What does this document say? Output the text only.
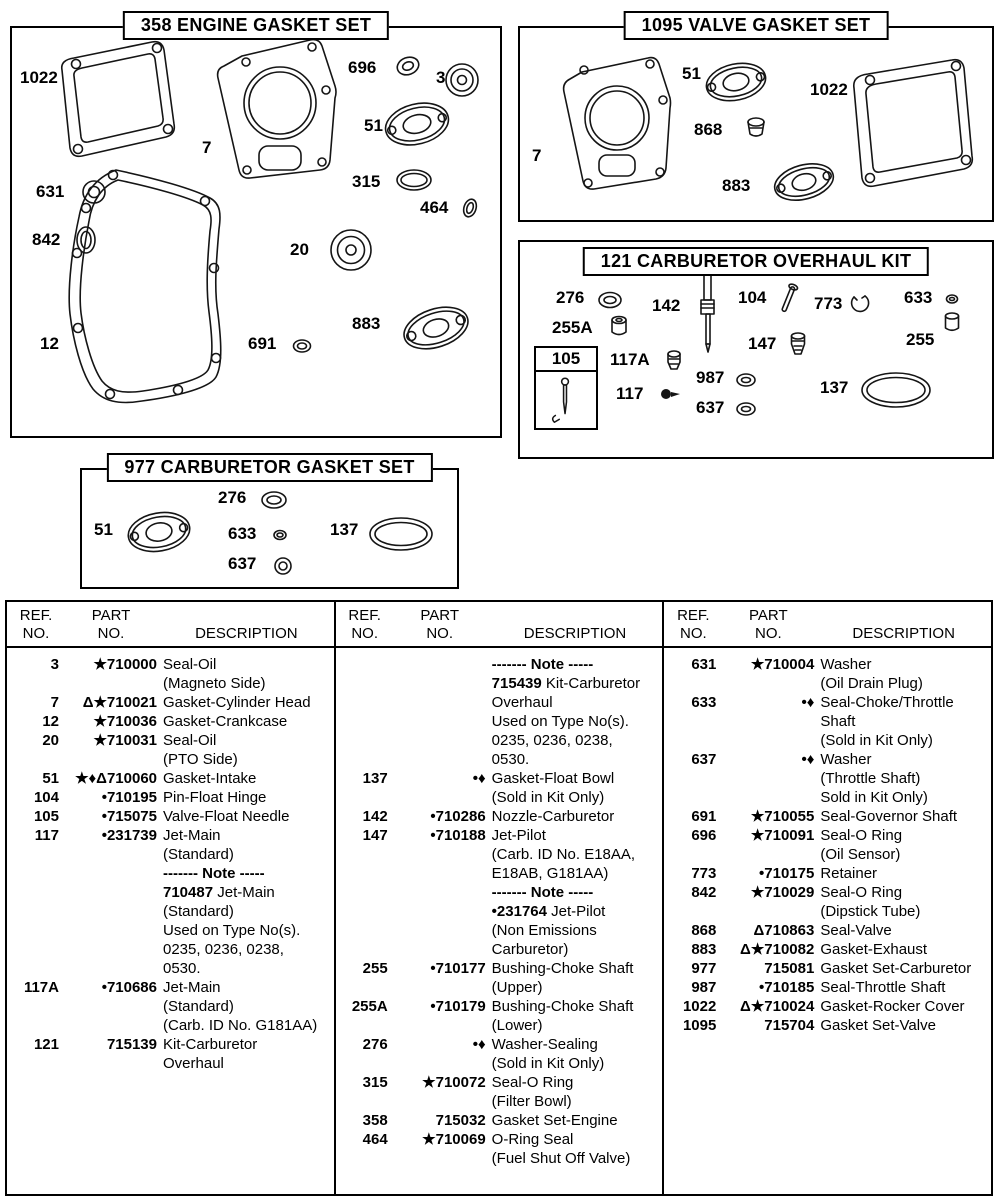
358 ENGINE GASKET SET
1022
696
3
7
51
315
464
631
842
20
12	691
883
1095 VALVE GASKET SET
51
1022
868
7
883
121 CARBURETOR OVERHAUL KIT
105
276	142	104	773	633
255A
147	255
117A
987
117
637
137
977 CARBURETOR GASKET SET
276
51	633	137
637
REF.
NO.
PART
NO.	DESCRIPTION
3	★710000 Seal-Oil
(Magneto Side)
7	Δ★710021 Gasket-Cylinder Head
12	★710036 Gasket-Crankcase
20	★710031 Seal-Oil
(PTO Side)
51	★♦Δ710060 Gasket-Intake
104	•710195 Pin-Float Hinge
105	•715075 Valve-Float Needle
117	•231739 Jet-Main
(Standard)
------- Note -----
710487 Jet-Main
(Standard)
Used on Type No(s).
0235, 0236, 0238,
0530.
117A	•710686 Jet-Main
(Standard)
(Carb. ID No. G181AA)
121	715139 Kit-Carburetor
Overhaul
REF.
NO.
PART
NO.	DESCRIPTION
------- Note -----
715439 Kit-Carburetor
Overhaul
Used on Type No(s).
0235, 0236, 0238,
0530.
137	•♦ Gasket-Float Bowl
(Sold in Kit Only)
142	•710286 Nozzle-Carburetor
147	•710188 Jet-Pilot
(Carb. ID No. E18AA,
E18AB, G181AA)
------- Note -----
•231764 Jet-Pilot
(Non Emissions
Carburetor)
255	•710177 Bushing-Choke Shaft
(Upper)
255A	•710179 Bushing-Choke Shaft
(Lower)
276	•♦ Washer-Sealing
(Sold in Kit Only)
315	★710072 Seal-O Ring
(Filter Bowl)
358	715032 Gasket Set-Engine
464	★710069 O-Ring Seal
(Fuel Shut Off Valve)
REF.
NO.
PART
NO.	DESCRIPTION
631	★710004 Washer
(Oil Drain Plug)
633	•♦ Seal-Choke/Throttle
Shaft
(Sold in Kit Only)
637	•♦ Washer
(Throttle Shaft)
Sold in Kit Only)
691	★710055 Seal-Governor Shaft
696	★710091 Seal-O Ring
(Oil Sensor)
773	•710175 Retainer
842	★710029 Seal-O Ring
(Dipstick Tube)
868	Δ710863 Seal-Valve
883	Δ★710082 Gasket-Exhaust
977	715081 Gasket Set-Carburetor
987	•710185 Seal-Throttle Shaft
1022	Δ★710024 Gasket-Rocker Cover
1095	715704 Gasket Set-Valve
